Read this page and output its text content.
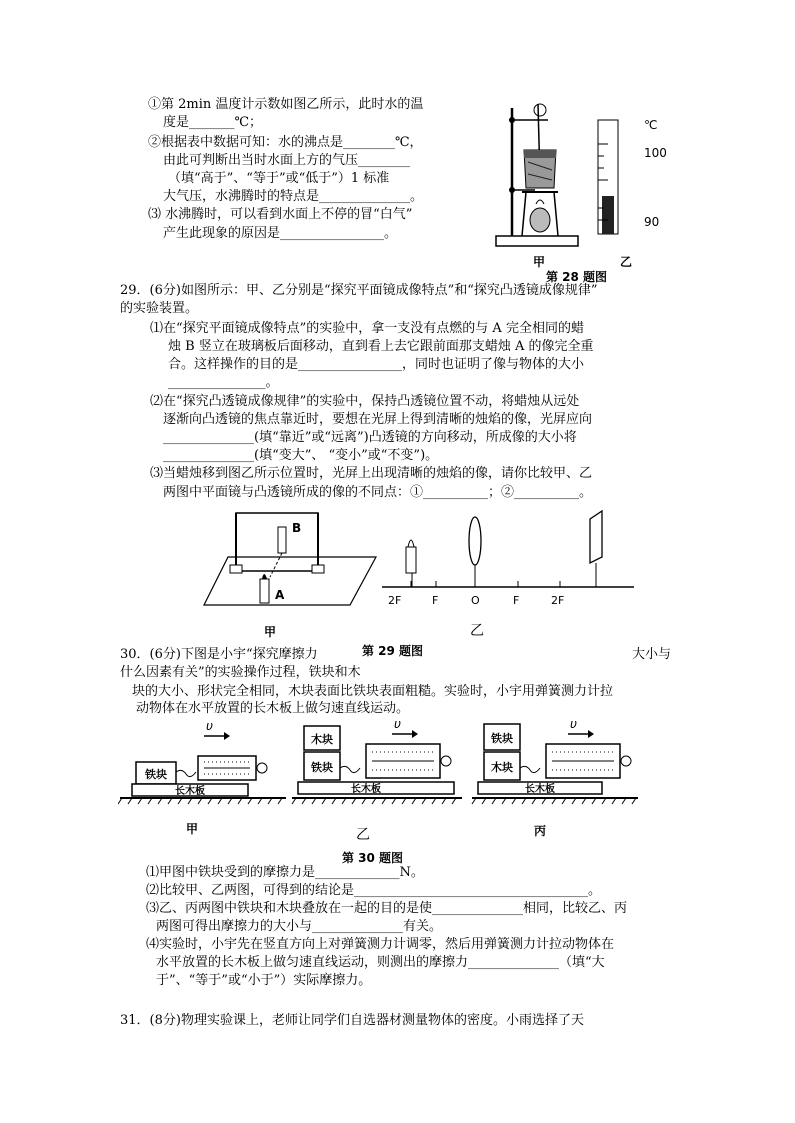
①第 2min 温度计示数如图乙所示，此时水的温
度是_______℃；
②根据表中数据可知：水的沸点是________℃，
由此可判断出当时水面上方的气压________
（填“高于”、“等于”或“低于”）1 标准
大气压，水沸腾时的特点是______________。
⑶ 水沸腾时，可以看到水面上不停的冒“白气”
产生此现象的原因是________________。
℃
100
90
甲	乙
第 28 题图
29．(6分)如图所示：甲、乙分别是“探究平面镜成像特点”和“探究凸透镜成像规律”
的实验装置。
⑴在“探究平面镜成像特点”的实验中，拿一支没有点燃的与 A 完全相同的蜡
烛 B 竖立在玻璃板后面移动，直到看上去它跟前面那支蜡烛 A 的像完全重
合。这样操作的目的是________________，同时也证明了像与物体的大小
_______________。
⑵在“探究凸透镜成像规律”的实验中，保持凸透镜位置不动，将蜡烛从远处
逐渐向凸透镜的焦点靠近时，要想在光屏上得到清晰的烛焰的像，光屏应向
______________(填“靠近”或“远离”)凸透镜的方向移动，所成像的大小将
______________(填“变大”、 “变小”或“不变”)。
⑶当蜡烛移到图乙所示位置时，光屏上出现清晰的烛焰的像，请你比较甲、乙
两图中平面镜与凸透镜所成的像的不同点：①__________；②__________。
B
A
甲
2F	F	O	F	2F
乙
第 29 题图
30．(6分)下图是小宇“探究摩擦力	大小与
什么因素有关”的实验操作过程，铁块和木
块的大小、形状完全相同，木块表面比铁块表面粗糙。实验时，小宇用弹簧测力计拉
动物体在水平放置的长木板上做匀速直线运动。
υ
铁块
长木板
υ
木块
铁块
长木板
υ
铁块
木块
长木板
甲	乙	丙
第 30 题图
⑴甲图中铁块受到的摩擦力是_____________N。
⑵比较甲、乙两图，可得到的结论是____________________________________。
⑶乙、丙两图中铁块和木块叠放在一起的目的是使______________相同，比较乙、丙
两图可得出摩擦力的大小与______________有关。
⑷实验时，小宇先在竖直方向上对弹簧测力计调零，然后用弹簧测力计拉动物体在
水平放置的长木板上做匀速直线运动，则测出的摩擦力______________（填“大
于”、“等于”或“小于”）实际摩擦力。
31．(8分)物理实验课上，老师让同学们自选器材测量物体的密度。小雨选择了天
